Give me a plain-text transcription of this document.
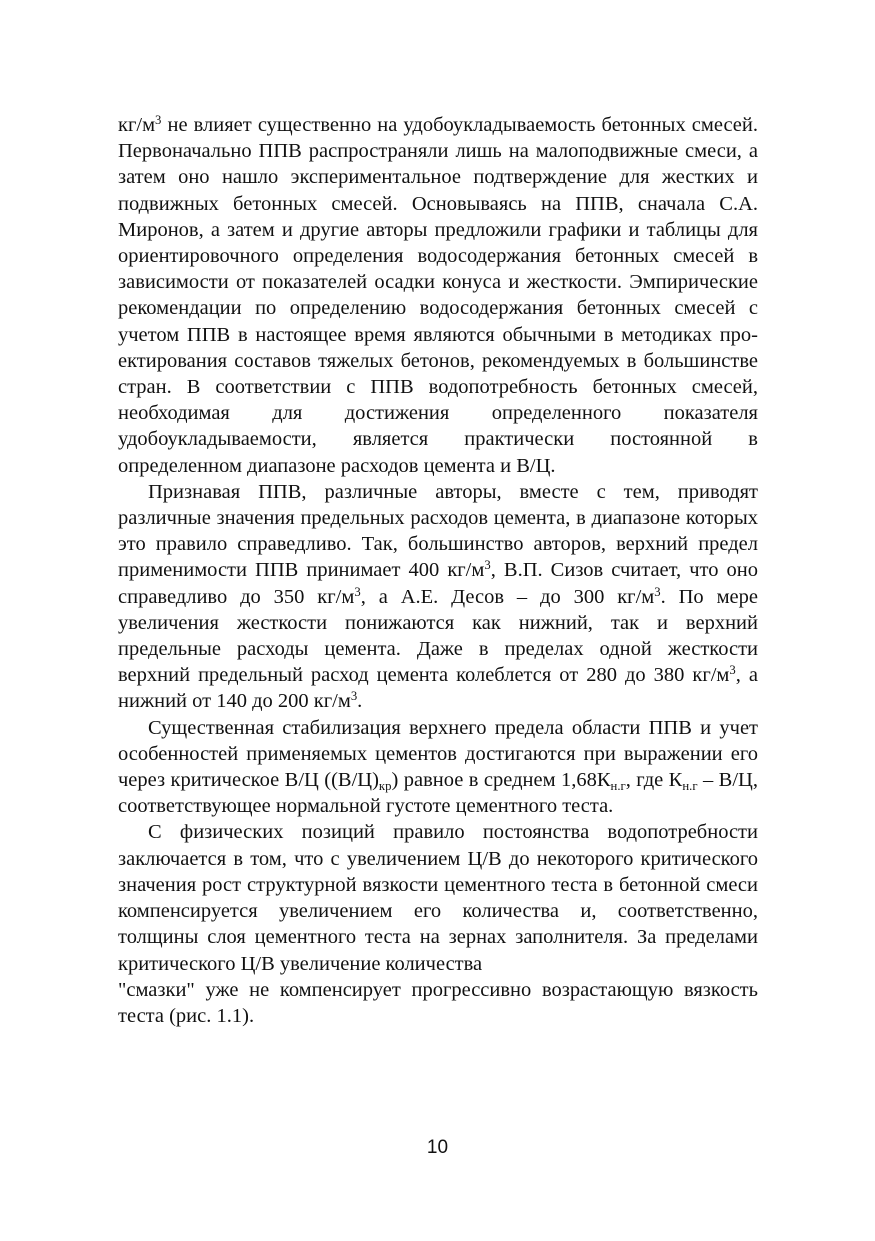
$кг/м^3$ не влияет существенно на удобоукладываемость бетонных смесей. Первоначально ППВ распространяли лишь на малоподвижные смеси, а затем оно нашло экспериментальное подтверждение для жестких и подвижных бетонных смесей. Основываясь на ППВ, сначала С.А. Миронов, а затем и другие авторы предложили графики и таблицы для ориентировочного определения водосодержания бетонных смесей в зависимости от показателей осадки конуса и жесткости. Эмпирические рекомендации по определению водосодержания бетонных смесей с учетом ППВ в настоящее время являются обычными в методиках проектирования составов тяжелых бетонов, рекомендуемых в большинстве стран. В соответствии с ППВ водопотребность бетонных смесей, необходимая для достижения определенного показателя удобоукладываемости, является практически постоянной в определенном диапазоне расходов цемента и В/Ц.

Признавая ППВ, различные авторы, вместе с тем, приводят различные значения предельных расходов цемента, в диапазоне которых это правило справедливо. Так, большинство авторов, верхний предел применимости ППВ принимает 400 $кг/м^3$, В.П. Сизов считает, что оно справедливо до 350 $кг/м^3$, а А.Е. Десов – до 300 $кг/м^3$. По мере увеличения жесткости понижаются как нижний, так и верхний предельные расходы цемента. Даже в пределах одной жесткости верхний предельный расход цемента колеблется от 280 до 380 $кг/м^3$, а нижний от 140 до 200 $кг/м^3$.

Существенная стабилизация верхнего предела области ППВ и учет особенностей применяемых цементов достигаются при выражении его через критическое В/Ц $((В/Ц)_{кр})$ равное в среднем $1,68К_{н.г}$, где $К_{н.г} - В/Ц$, соответствующее нормальной густоте цементного теста.

С физических позиций правило постоянства водопотребности заключается в том, что с увеличением Ц/В до некоторого критического значения рост структурной вязкости цементного теста в бетонной смеси компенсируется увеличением его количества и, соответственно, толщины слоя цементного теста на зернах заполнителя. За пределами критического Ц/В увеличение количества

"смазки" уже не компенсирует прогрессивно возрастающую вязкость теста (рис. 1.1).

10
